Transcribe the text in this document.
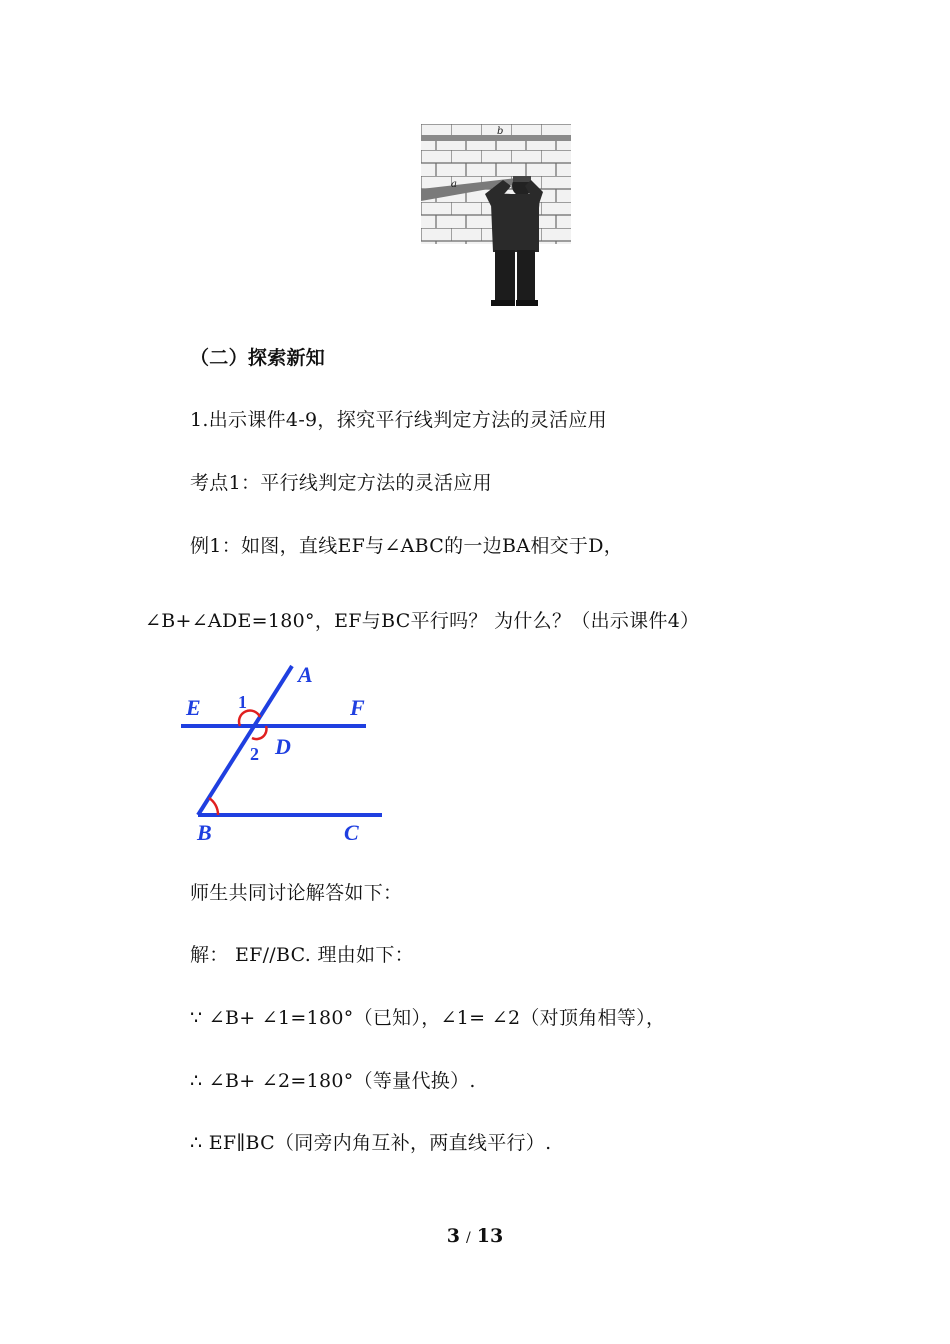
b
a
（二）探索新知
1.出示课件4-9，探究平行线判定方法的灵活应用
考点1：平行线判定方法的灵活应用
例1：如图，直线EF与∠ABC的一边BA相交于D，
∠B+∠ADE=180°，EF与BC平行吗？ 为什么？（出示课件4）
A
E	F
D
B	C
1
2
师生共同讨论解答如下：
解： EF//BC. 理由如下：
∵ ∠B+ ∠1=180°（已知），∠1= ∠2（对顶角相等），
∴ ∠B+ ∠2=180°（等量代换）.
∴ EF∥BC（同旁内角互补，两直线平行）.
3 / 13
